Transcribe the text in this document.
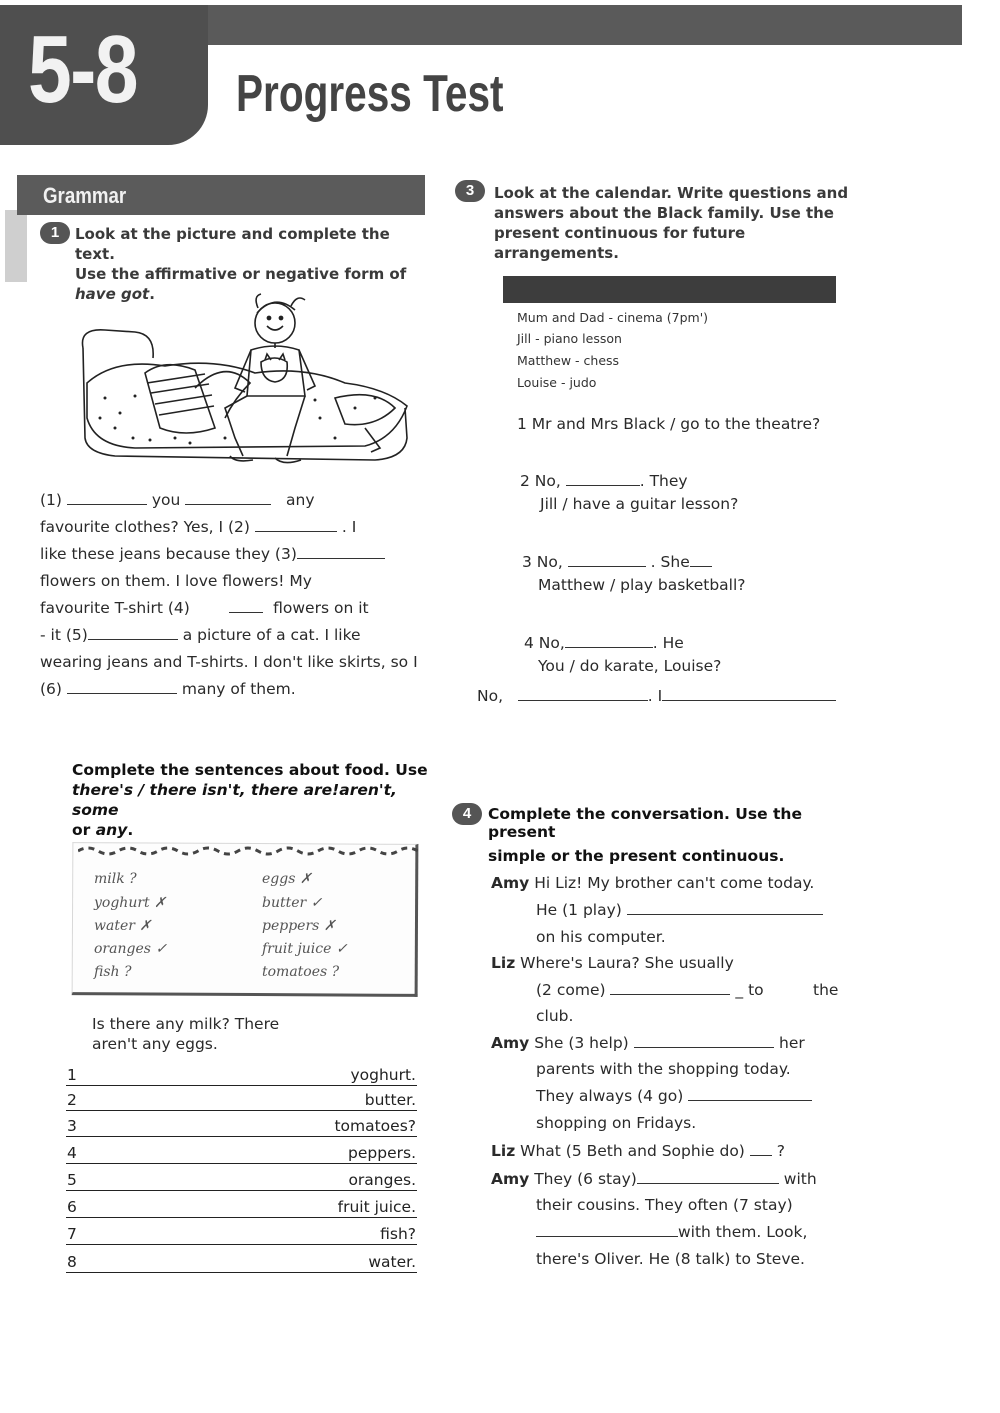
5-8 Progress Test
Grammar
1	Look at the picture and complete the text.
Use the affirmative or negative form of
have got.
(1)	you	any
favourite clothes? Yes, I (2)	. I
like these jeans because they (3)
flowers on them. I love flowers! My
favourite T-shirt (4)	flowers on it
- it (5)	a picture of a cat. I like
wearing jeans and T-shirts. I don't like skirts, so I
(6)	many of them.
Complete the sentences about food. Use
there's / there isn't, there are!aren't, some
or any.
milk ?	eggs ✗
yoghurt ✗	butter ✓
water ✗	peppers ✗
oranges ✓	fruit juice ✓
fish ?	tomatoes ?
Is there any milk? There
aren't any eggs.
1	yoghurt.
2	butter.
3	tomatoes?
4	peppers.
5	oranges.
6	fruit juice.
7	fish?
8	water.
3	Look at the calendar. Write questions and
answers about the Black family. Use the
present continuous for future arrangements.
Mum and Dad - cinema (7pm')
Jill - piano lesson
Matthew - chess
Louise - judo
1 Mr and Mrs Black / go to the theatre?
2 No,	. They
Jill / have a guitar lesson?
3 No,	. She
Matthew / play basketball?
4 No,	. He
You / do karate, Louise?
No,	. I
4	Complete the conversation. Use the
present
simple or the present continuous.
Amy Hi Liz! My brother can't come today.
He (1 play)
on his computer.
Liz Where's Laura? She usually
(2 come)	_ to	the
club.
Amy She (3 help)	her
parents with the shopping today.
They always (4 go)
shopping on Fridays.
Liz What (5 Beth and Sophie do) ?
Amy They (6 stay)	with
their cousins. They often (7 stay)
with them. Look,
there's Oliver. He (8 talk) to Steve.
